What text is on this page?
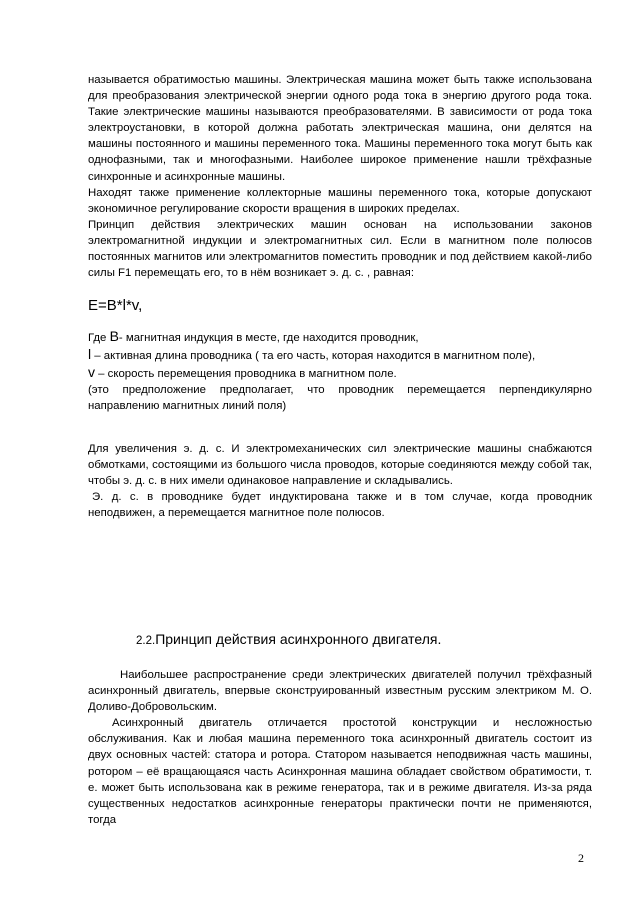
называется обратимостью машины. Электрическая машина может быть также использована для преобразования электрической энергии одного рода тока в энергию другого рода тока. Такие электрические машины называются преобразователями. В зависимости от рода тока электроустановки, в которой должна работать электрическая машина, они делятся на машины постоянного и машины переменного тока. Машины переменного тока могут быть как однофазными, так и многофазными. Наиболее широкое применение нашли трёхфазные синхронные и асинхронные машины.

Находят также применение коллекторные машины переменного тока, которые допускают экономичное регулирование скорости вращения в широких пределах.

Принцип действия электрических машин основан на использовании законов электромагнитной индукции и электромагнитных сил. Если в магнитном поле полюсов постоянных магнитов или электромагнитов поместить проводник и под действием какой-либо силы F1 перемещать его, то в нём возникает э. д. с. , равная:

E=B*l*v,

Где B- магнитная индукция в месте, где находится проводник,

l – активная длина проводника ( та его часть, которая находится в магнитном поле),

v – скорость перемещения проводника в магнитном поле.

(это предположение предполагает, что проводник перемещается перпендикулярно направлению магнитных линий поля)

Для увеличения э. д. с. И электромеханических сил электрические машины снабжаются обмотками, состоящими из большого числа проводов, которые соединяются между собой так, чтобы э. д. с. в них имели одинаковое направление и складывались.

Э. д. с. в проводнике будет индуктирована также и в том случае, когда проводник неподвижен, а перемещается магнитное поле полюсов.

2.2.Принцип действия асинхронного двигателя.

Наибольшее распространение среди электрических двигателей получил трёхфазный асинхронный двигатель, впервые сконструированный известным русским электриком М. О. Доливо-Добровольским.

Асинхронный двигатель отличается простотой конструкции и несложностью обслуживания. Как и любая машина переменного тока асинхронный двигатель состоит из двух основных частей: статора и ротора. Статором называется неподвижная часть машины, ротором – её вращающаяся часть Асинхронная машина обладает свойством обратимости, т. е. может быть использована как в режиме генератора, так и в режиме двигателя. Из-за ряда существенных недостатков асинхронные генераторы практически почти не применяются, тогда

2
